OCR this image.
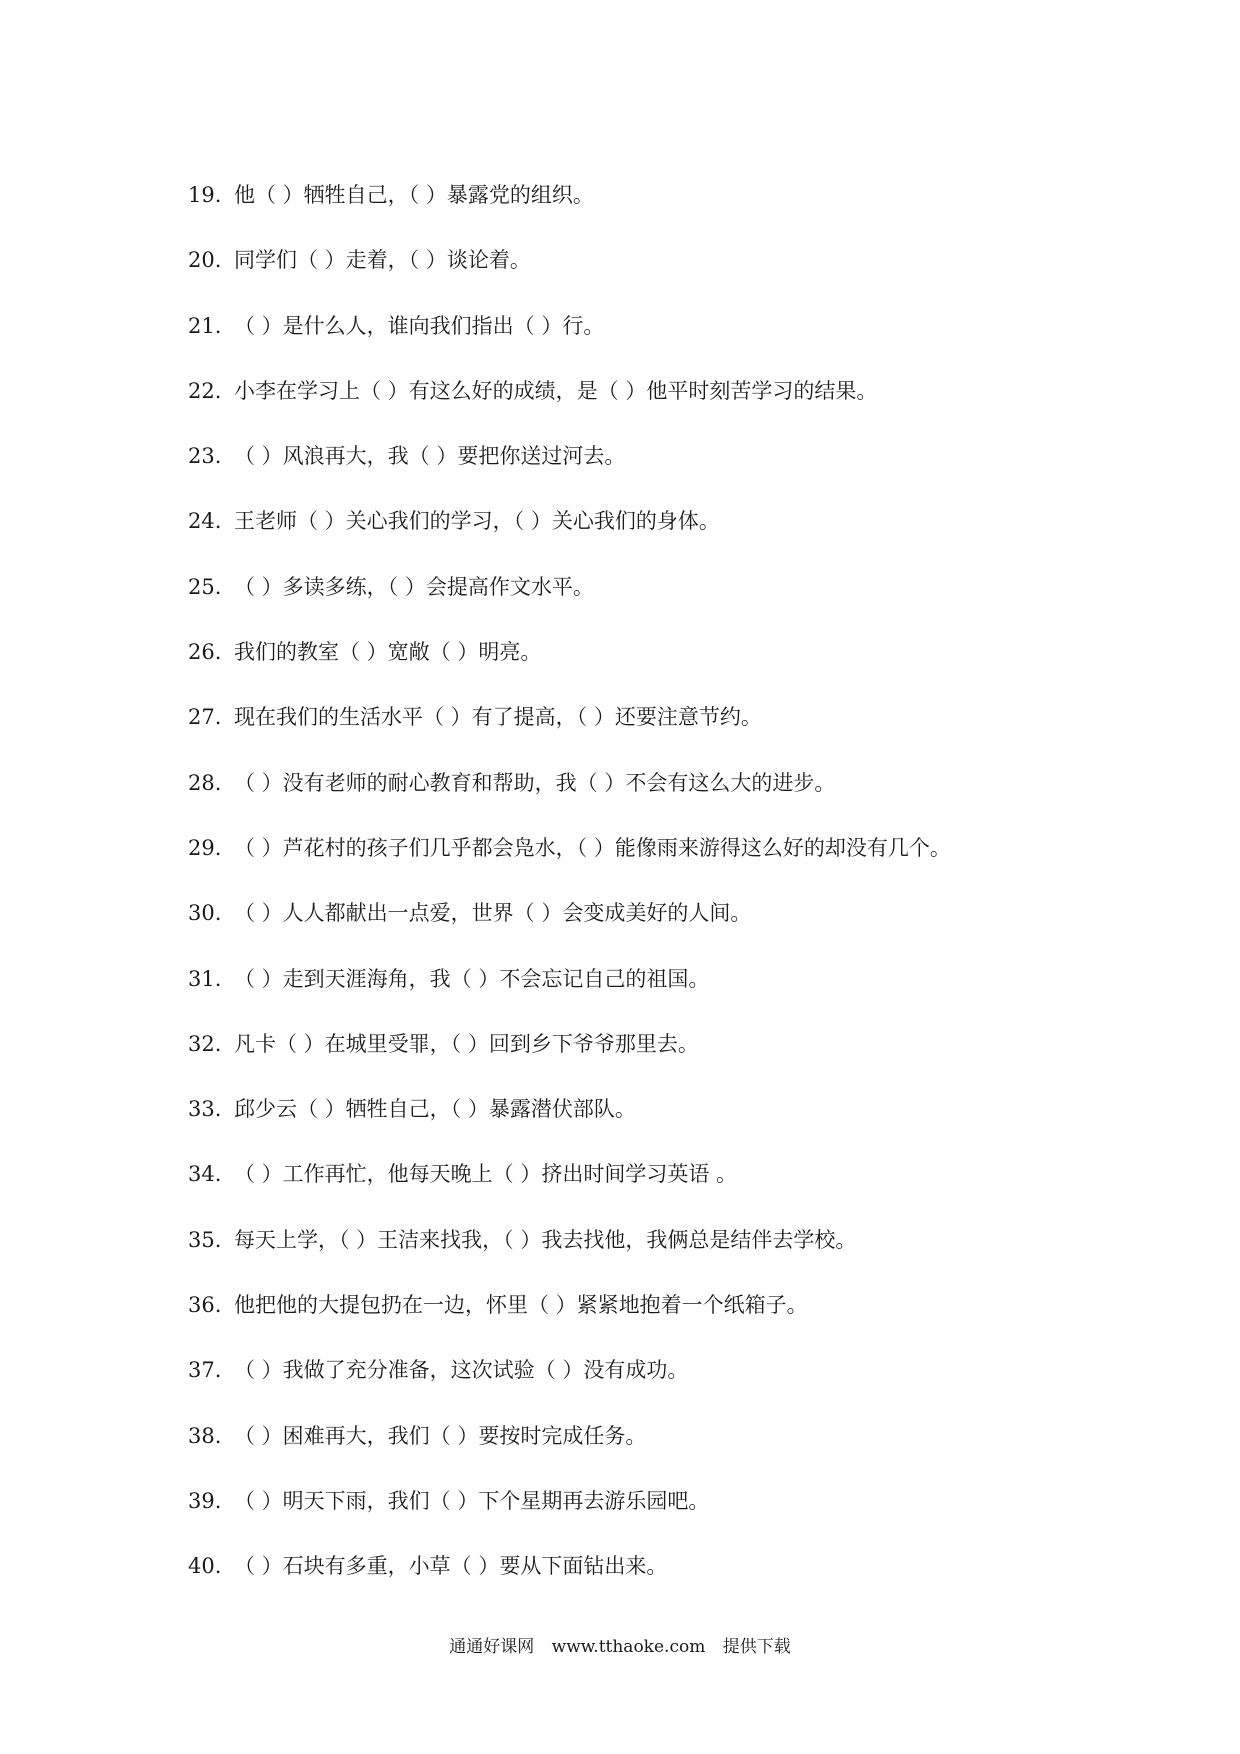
19. 他（ ）牺牲自己，（ ）暴露党的组织。
20. 同学们（ ）走着，（ ）谈论着。
21. （ ）是什么人，谁向我们指出（ ）行。
22. 小李在学习上（ ）有这么好的成绩，是（ ）他平时刻苦学习的结果。
23. （ ）风浪再大，我（ ）要把你送过河去。
24. 王老师（ ）关心我们的学习，（ ）关心我们的身体。
25. （ ）多读多练，（ ）会提高作文水平。
26. 我们的教室（ ）宽敞（ ）明亮。
27. 现在我们的生活水平（ ）有了提高，（ ）还要注意节约。
28. （ ）没有老师的耐心教育和帮助，我（ ）不会有这么大的进步。
29. （ ）芦花村的孩子们几乎都会凫水，（ ）能像雨来游得这么好的却没有几个。
30. （ ）人人都献出一点爱，世界（ ）会变成美好的人间。
31. （ ）走到天涯海角，我（ ）不会忘记自己的祖国。
32. 凡卡（ ）在城里受罪，（ ）回到乡下爷爷那里去。
33. 邱少云（ ）牺牲自己，（ ）暴露潜伏部队。
34. （ ）工作再忙，他每天晚上（ ）挤出时间学习英语 。
35. 每天上学，（ ）王洁来找我，（ ）我去找他，我俩总是结伴去学校。
36. 他把他的大提包扔在一边，怀里（ ）紧紧地抱着一个纸箱子。
37. （ ）我做了充分准备，这次试验（ ）没有成功。
38. （ ）困难再大，我们（ ）要按时完成任务。
39. （ ）明天下雨，我们（ ）下个星期再去游乐园吧。
40. （ ）石块有多重，小草（ ）要从下面钻出来。
通通好课网 www.tthaoke.com 提供下载
